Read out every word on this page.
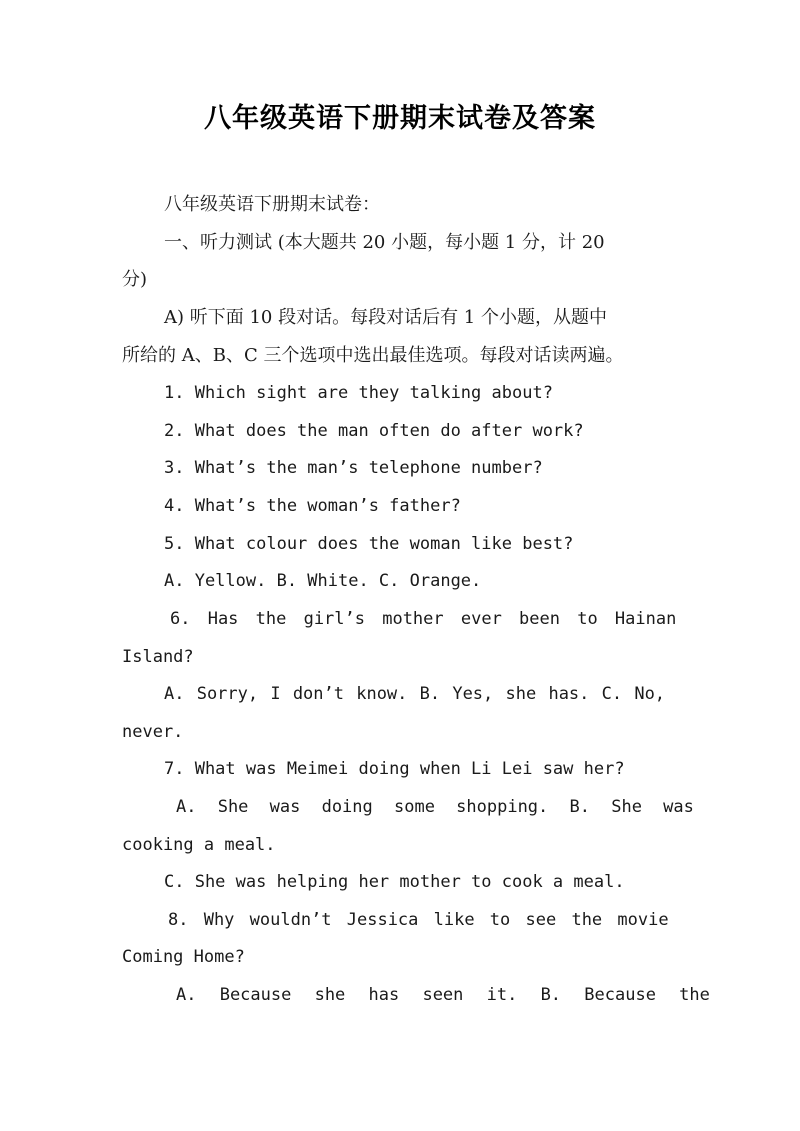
八年级英语下册期末试卷及答案
八年级英语下册期末试卷：
一、听力测试 (本大题共 20 小题，每小题 1 分，计 20
分)
A) 听下面 10 段对话。每段对话后有 1 个小题，从题中
所给的 A、B、C 三个选项中选出最佳选项。每段对话读两遍。
1. Which sight are they talking about?
2. What does the man often do after work?
3. What’s the man’s telephone number?
4. What’s the woman’s father?
5. What colour does the woman like best?
A. Yellow. B. White. C. Orange.
6. Has the girl’s mother ever been to Hainan
Island?
A. Sorry, I don’t know. B. Yes, she has. C. No,
never.
7. What was Meimei doing when Li Lei saw her?
A. She was doing some shopping. B. She was
cooking a meal.
C. She was helping her mother to cook a meal.
8. Why wouldn’t Jessica like to see the movie
Coming Home?
A. Because she has seen it. B. Because the
